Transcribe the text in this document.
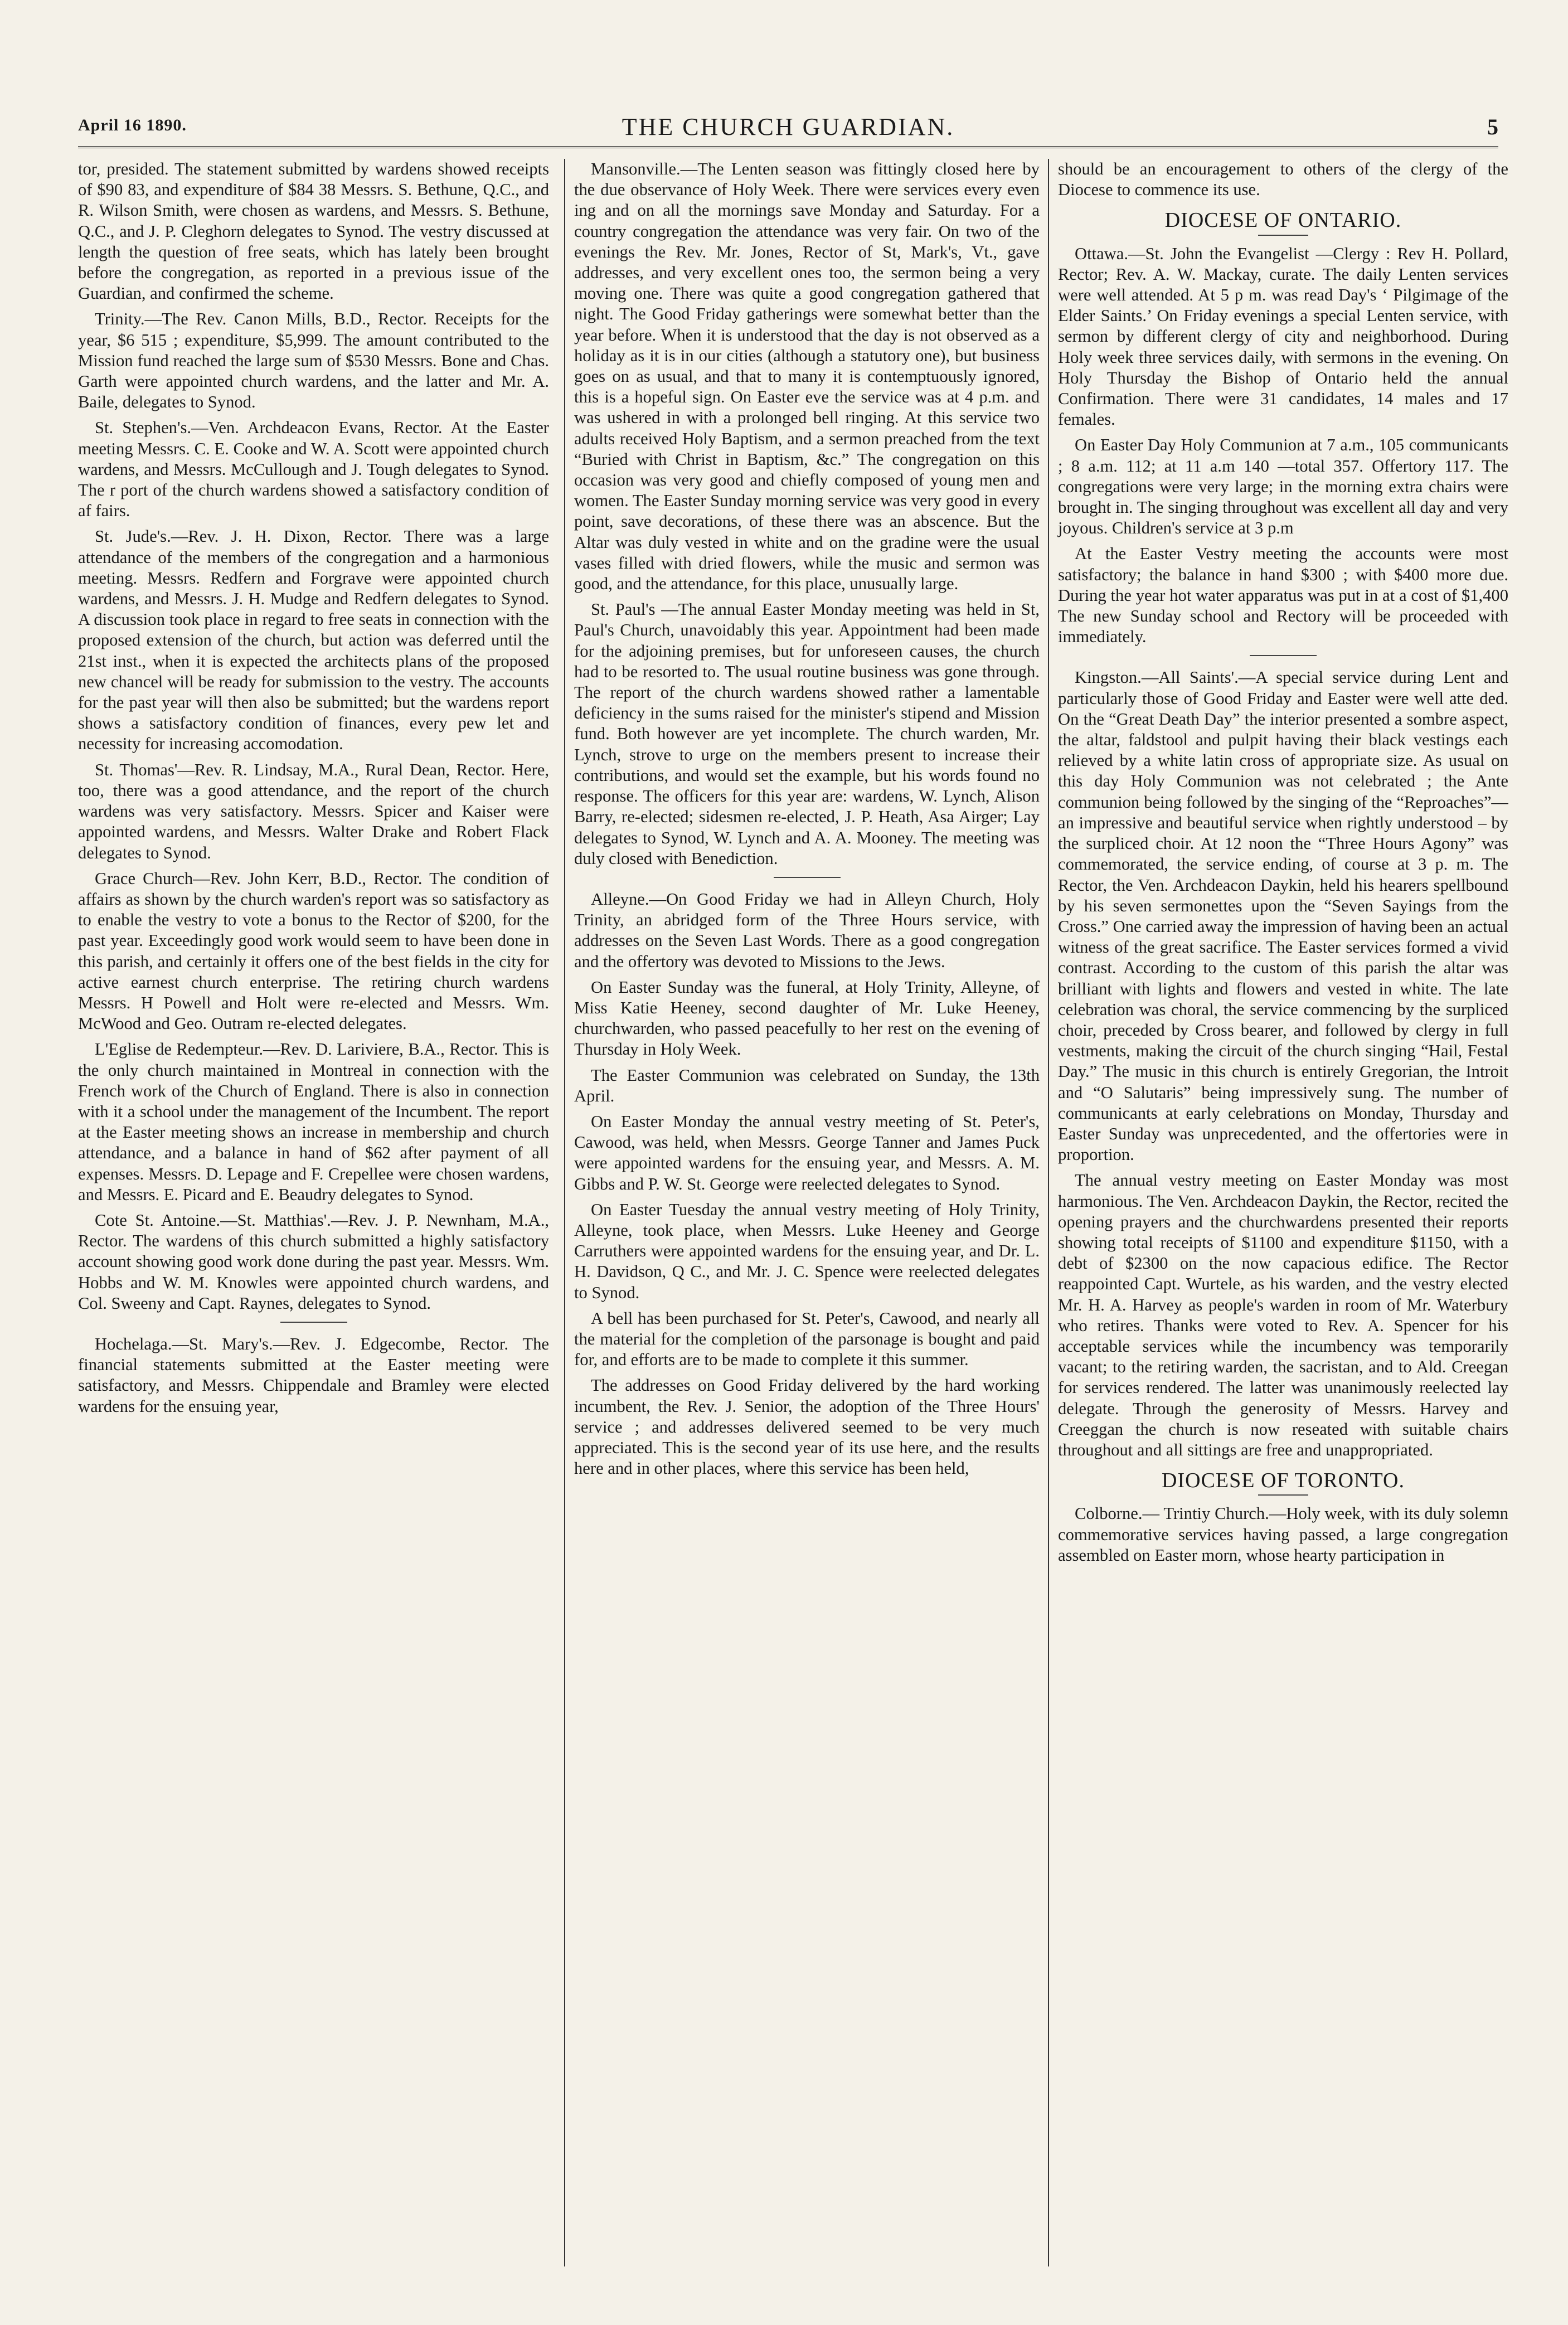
April 16 1890.	THE CHURCH GUARDIAN.	5

tor, presided. The statement submitted by wardens showed receipts of $90 83, and expenditure of $84 38 Messrs. S. Bethune, Q.C., and R. Wilson Smith, were chosen as wardens, and Messrs. S. Bethune, Q.C., and J. P. Cleghorn delegates to Synod. The vestry discussed at length the question of free seats, which has lately been brought before the congregation, as reported in a previous issue of the Guardian, and confirmed the scheme.

Trinity.—The Rev. Canon Mills, B.D., Rector. Receipts for the year, $6 515 ; expenditure, $5,999. The amount contributed to the Mission fund reached the large sum of $530 Messrs. Bone and Chas. Garth were appointed church wardens, and the latter and Mr. A. Baile, delegates to Synod.

St. Stephen's.—Ven. Archdeacon Evans, Rector. At the Easter meeting Messrs. C. E. Cooke and W. A. Scott were appointed church wardens, and Messrs. McCullough and J. Tough delegates to Synod. The r port of the church wardens showed a satisfactory condition of af fairs.

St. Jude's.—Rev. J. H. Dixon, Rector. There was a large attendance of the members of the congregation and a harmonious meeting. Messrs. Redfern and Forgrave were appointed church wardens, and Messrs. J. H. Mudge and Redfern delegates to Synod. A discussion took place in regard to free seats in connection with the proposed extension of the church, but action was deferred until the 21st inst., when it is expected the architects plans of the proposed new chancel will be ready for submission to the vestry. The accounts for the past year will then also be submitted; but the wardens report shows a satisfactory condition of finances, every pew let and necessity for increasing accomodation.

St. Thomas'—Rev. R. Lindsay, M.A., Rural Dean, Rector. Here, too, there was a good attendance, and the report of the church wardens was very satisfactory. Messrs. Spicer and Kaiser were appointed wardens, and Messrs. Walter Drake and Robert Flack delegates to Synod.

Grace Church—Rev. John Kerr, B.D., Rector. The condition of affairs as shown by the church warden's report was so satisfactory as to enable the vestry to vote a bonus to the Rector of $200, for the past year. Exceedingly good work would seem to have been done in this parish, and certainly it offers one of the best fields in the city for active earnest church enterprise. The retiring church wardens Messrs. H Powell and Holt were re-elected and Messrs. Wm. McWood and Geo. Outram re-elected delegates.

L'Eglise de Redempteur.—Rev. D. Lariviere, B.A., Rector. This is the only church maintained in Montreal in connection with the French work of the Church of England. There is also in connection with it a school under the management of the Incumbent. The report at the Easter meeting shows an increase in membership and church attendance, and a balance in hand of $62 after payment of all expenses. Messrs. D. Lepage and F. Crepellee were chosen wardens, and Messrs. E. Picard and E. Beaudry delegates to Synod.

Cote St. Antoine.—St. Matthias'.—Rev. J. P. Newnham, M.A., Rector. The wardens of this church submitted a highly satisfactory account showing good work done during the past year. Messrs. Wm. Hobbs and W. M. Knowles were appointed church wardens, and Col. Sweeny and Capt. Raynes, delegates to Synod.

Hochelaga.—St. Mary's.—Rev. J. Edgecombe, Rector. The financial statements submitted at the Easter meeting were satisfactory, and Messrs. Chippendale and Bramley were elected wardens for the ensuing year,

Mansonville.—The Lenten season was fittingly closed here by the due observance of Holy Week. There were services every even ing and on all the mornings save Monday and Saturday. For a country congregation the attendance was very fair. On two of the evenings the Rev. Mr. Jones, Rector of St, Mark's, Vt., gave addresses, and very excellent ones too, the sermon being a very moving one. There was quite a good congregation gathered that night. The Good Friday gatherings were somewhat better than the year before. When it is understood that the day is not observed as a holiday as it is in our cities (although a statutory one), but business goes on as usual, and that to many it is contemptuously ignored, this is a hopeful sign. On Easter eve the service was at 4 p.m. and was ushered in with a prolonged bell ringing. At this service two adults received Holy Baptism, and a sermon preached from the text “Buried with Christ in Baptism, &c.” The congregation on this occasion was very good and chiefly composed of young men and women. The Easter Sunday morning service was very good in every point, save decorations, of these there was an abscence. But the Altar was duly vested in white and on the gradine were the usual vases filled with dried flowers, while the music and sermon was good, and the attendance, for this place, unusually large.

St. Paul's —The annual Easter Monday meeting was held in St, Paul's Church, unavoidably this year. Appointment had been made for the adjoining premises, but for unforeseen causes, the church had to be resorted to. The usual routine business was gone through. The report of the church wardens showed rather a lamentable deficiency in the sums raised for the minister's stipend and Mission fund. Both however are yet incomplete. The church warden, Mr. Lynch, strove to urge on the members present to increase their contributions, and would set the example, but his words found no response. The officers for this year are: wardens, W. Lynch, Alison Barry, re-elected; sidesmen re-elected, J. P. Heath, Asa Airger; Lay delegates to Synod, W. Lynch and A. A. Mooney. The meeting was duly closed with Benediction.

Alleyne.—On Good Friday we had in Alleyn Church, Holy Trinity, an abridged form of the Three Hours service, with addresses on the Seven Last Words. There as a good congregation and the offertory was devoted to Missions to the Jews.

On Easter Sunday was the funeral, at Holy Trinity, Alleyne, of Miss Katie Heeney, second daughter of Mr. Luke Heeney, churchwarden, who passed peacefully to her rest on the evening of Thursday in Holy Week.

The Easter Communion was celebrated on Sunday, the 13th April.

On Easter Monday the annual vestry meeting of St. Peter's, Cawood, was held, when Messrs. George Tanner and James Puck were appointed wardens for the ensuing year, and Messrs. A. M. Gibbs and P. W. St. George were reelected delegates to Synod.

On Easter Tuesday the annual vestry meeting of Holy Trinity, Alleyne, took place, when Messrs. Luke Heeney and George Carruthers were appointed wardens for the ensuing year, and Dr. L. H. Davidson, Q C., and Mr. J. C. Spence were reelected delegates to Synod.

A bell has been purchased for St. Peter's, Cawood, and nearly all the material for the completion of the parsonage is bought and paid for, and efforts are to be made to complete it this summer.

The addresses on Good Friday delivered by the hard working incumbent, the Rev. J. Senior, the adoption of the Three Hours' service ; and addresses delivered seemed to be very much appreciated. This is the second year of its use here, and the results here and in other places, where this service has been held,

should be an encouragement to others of the clergy of the Diocese to commence its use.

DIOCESE OF ONTARIO.

Ottawa.—St. John the Evangelist —Clergy : Rev H. Pollard, Rector; Rev. A. W. Mackay, curate. The daily Lenten services were well attended. At 5 p m. was read Day's ‘ Pilgimage of the Elder Saints.’ On Friday evenings a special Lenten service, with sermon by different clergy of city and neighborhood. During Holy week three services daily, with sermons in the evening. On Holy Thursday the Bishop of Ontario held the annual Confirmation. There were 31 candidates, 14 males and 17 females.

On Easter Day Holy Communion at 7 a.m., 105 communicants ; 8 a.m. 112; at 11 a.m 140 —total 357. Offertory 117. The congregations were very large; in the morning extra chairs were brought in. The singing throughout was excellent all day and very joyous. Children's service at 3 p.m

At the Easter Vestry meeting the accounts were most satisfactory; the balance in hand $300 ; with $400 more due. During the year hot water apparatus was put in at a cost of $1,400 The new Sunday school and Rectory will be proceeded with immediately.

Kingston.—All Saints'.—A special service during Lent and particularly those of Good Friday and Easter were well atte ded. On the “Great Death Day” the interior presented a sombre aspect, the altar, faldstool and pulpit having their black vestings each relieved by a white latin cross of appropriate size. As usual on this day Holy Communion was not celebrated ; the Ante communion being followed by the singing of the “Reproaches”—an impressive and beautiful service when rightly understood – by the surpliced choir. At 12 noon the “Three Hours Agony” was commemorated, the service ending, of course at 3 p. m. The Rector, the Ven. Archdeacon Daykin, held his hearers spellbound by his seven sermonettes upon the “Seven Sayings from the Cross.” One carried away the impression of having been an actual witness of the great sacrifice. The Easter services formed a vivid contrast. According to the custom of this parish the altar was brilliant with lights and flowers and vested in white. The late celebration was choral, the service commencing by the surpliced choir, preceded by Cross bearer, and followed by clergy in full vestments, making the circuit of the church singing “Hail, Festal Day.” The music in this church is entirely Gregorian, the Introit and “O Salutaris” being impressively sung. The number of communicants at early celebrations on Monday, Thursday and Easter Sunday was unprecedented, and the offertories were in proportion.

The annual vestry meeting on Easter Monday was most harmonious. The Ven. Archdeacon Daykin, the Rector, recited the opening prayers and the churchwardens presented their reports showing total receipts of $1100 and expenditure $1150, with a debt of $2300 on the now capacious edifice. The Rector reappointed Capt. Wurtele, as his warden, and the vestry elected Mr. H. A. Harvey as people's warden in room of Mr. Waterbury who retires. Thanks were voted to Rev. A. Spencer for his acceptable services while the incumbency was temporarily vacant; to the retiring warden, the sacristan, and to Ald. Creegan for services rendered. The latter was unanimously reelected lay delegate. Through the generosity of Messrs. Harvey and Creeggan the church is now reseated with suitable chairs throughout and all sittings are free and unappropriated.

DIOCESE OF TORONTO.

Colborne.— Trintiy Church.—Holy week, with its duly solemn commemorative services having passed, a large congregation assembled on Easter morn, whose hearty participation in
